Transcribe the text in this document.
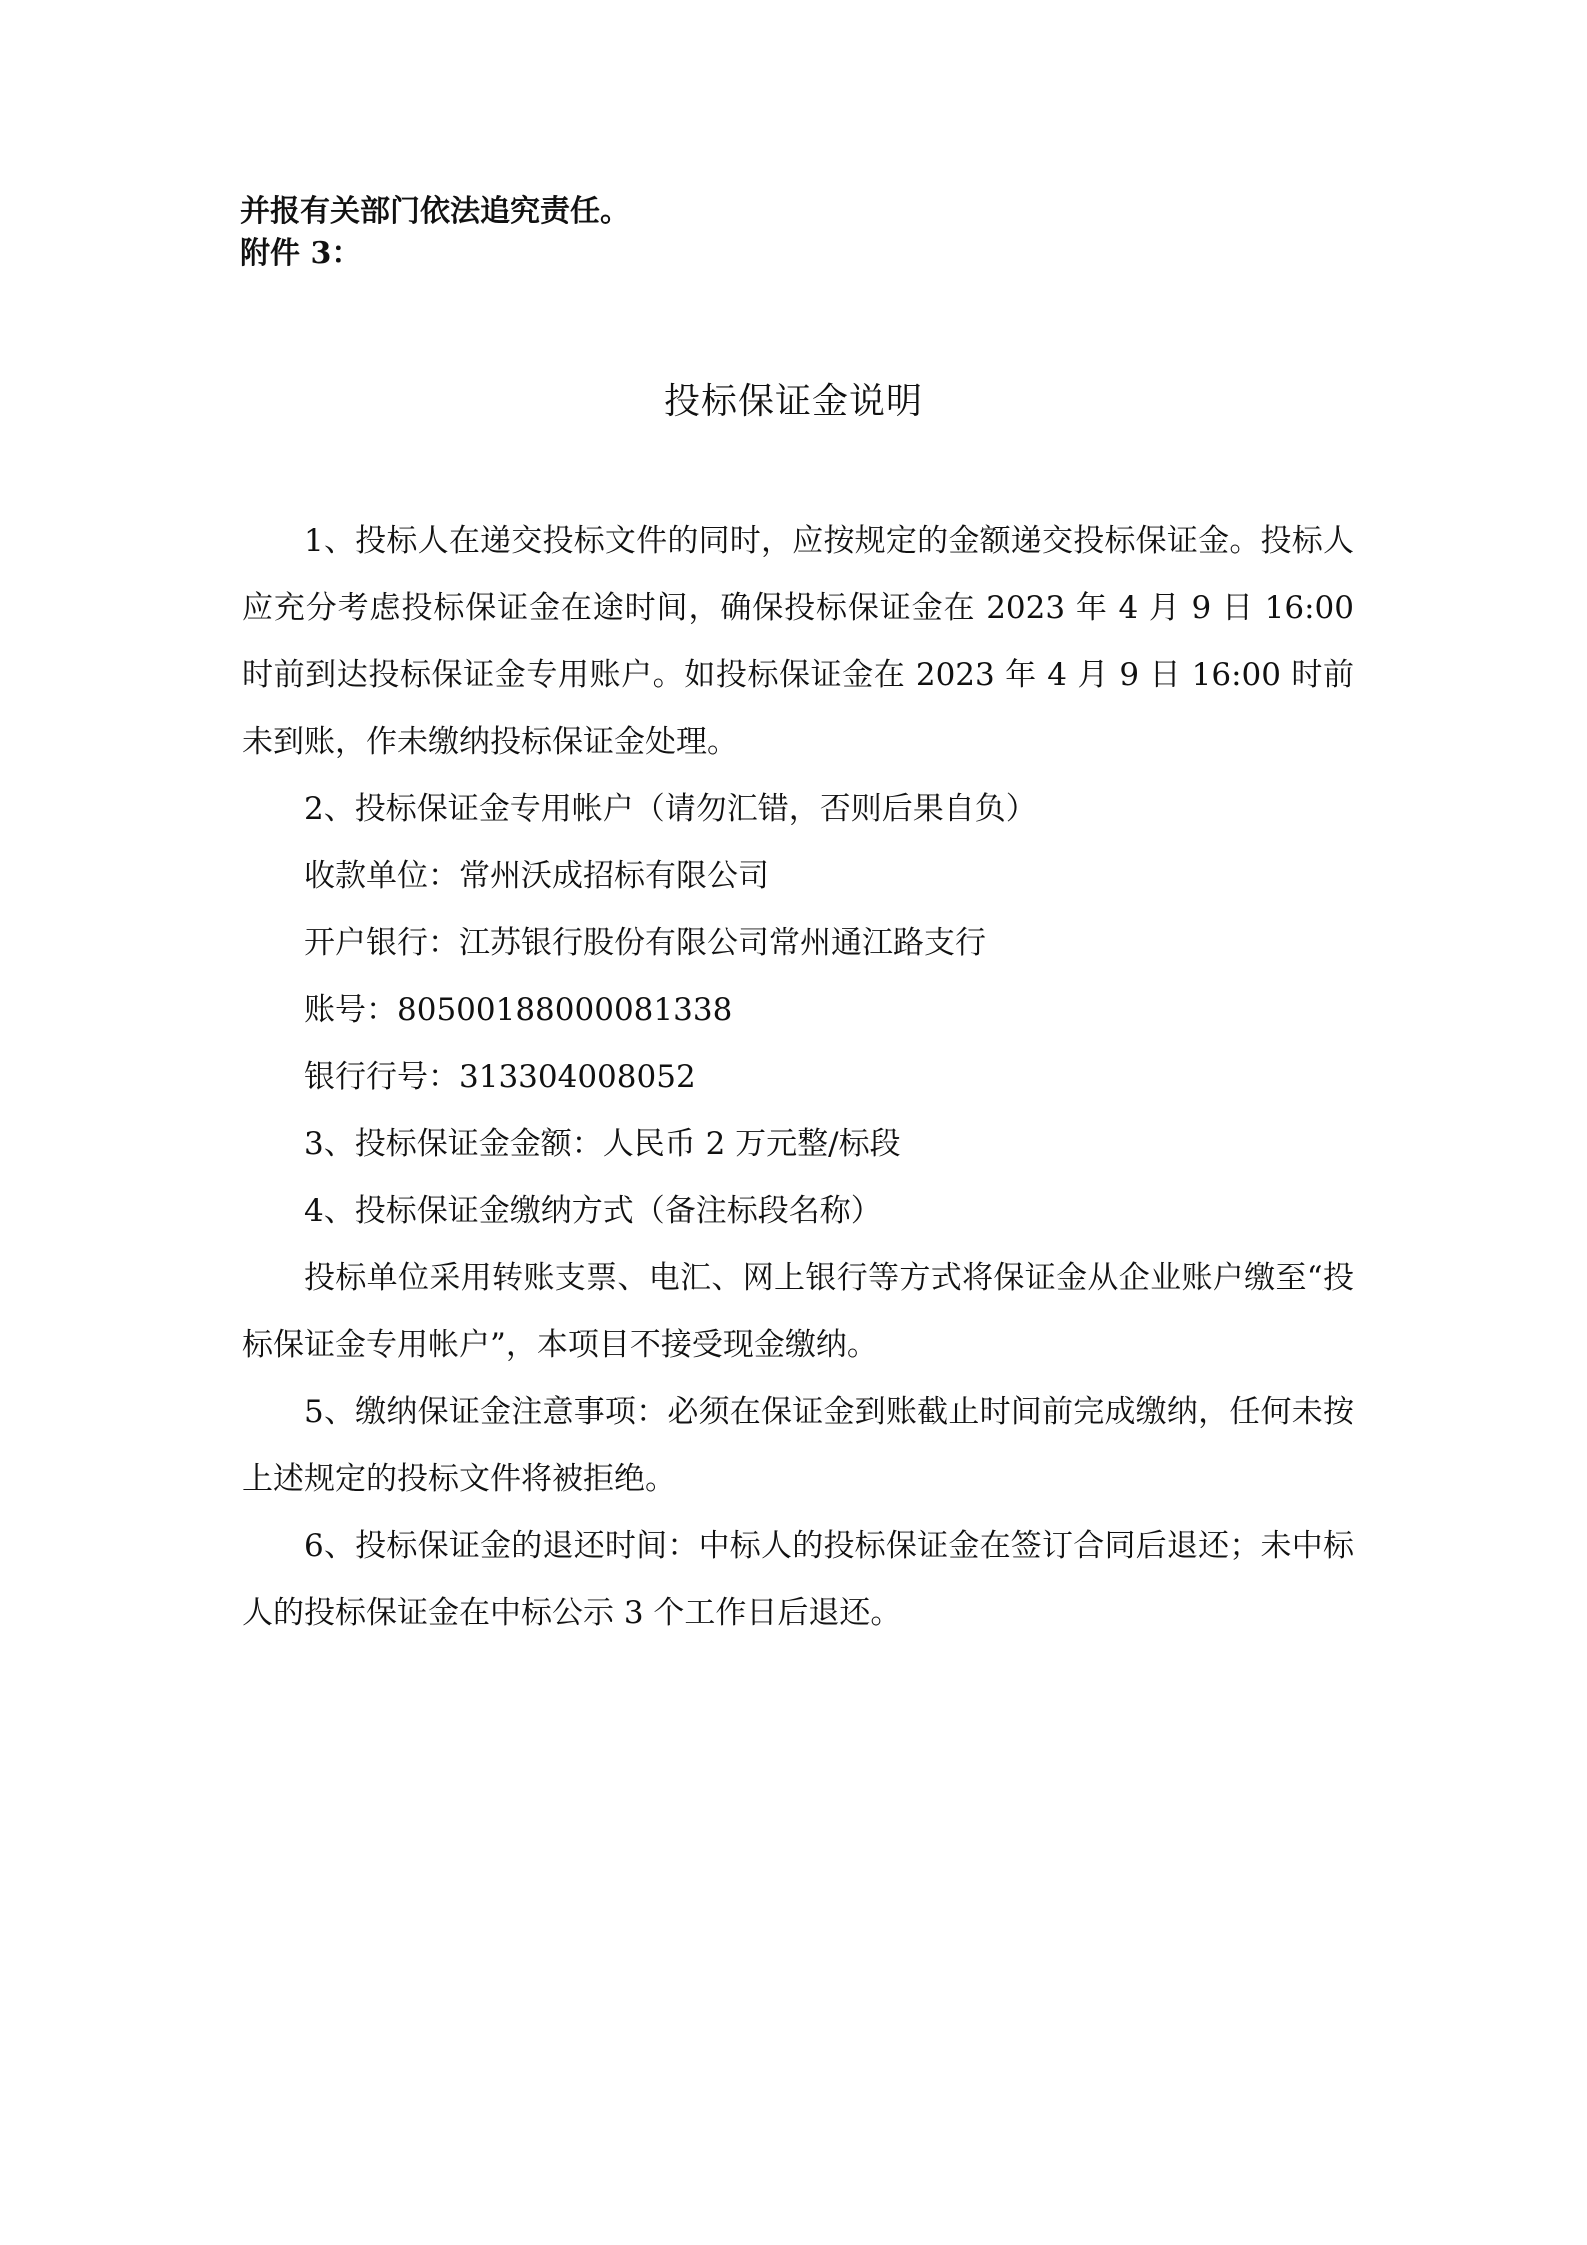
并报有关部门依法追究责任。
附件 3：
投标保证金说明

1、投标人在递交投标文件的同时，应按规定的金额递交投标保证金。投标人应充分考虑投标保证金在途时间，确保投标保证金在 2023 年 4 月 9 日 16:00 时前到达投标保证金专用账户。如投标保证金在 2023 年 4 月 9 日 16:00 时前未到账，作未缴纳投标保证金处理。

2、投标保证金专用帐户（请勿汇错，否则后果自负）

收款单位：常州沃成招标有限公司

开户银行：江苏银行股份有限公司常州通江路支行

账号：80500188000081338

银行行号：313304008052

3、投标保证金金额：人民币 2 万元整/标段

4、投标保证金缴纳方式（备注标段名称）

投标单位采用转账支票、电汇、网上银行等方式将保证金从企业账户缴至“投标保证金专用帐户”，本项目不接受现金缴纳。

5、缴纳保证金注意事项：必须在保证金到账截止时间前完成缴纳，任何未按上述规定的投标文件将被拒绝。

6、投标保证金的退还时间：中标人的投标保证金在签订合同后退还；未中标人的投标保证金在中标公示 3 个工作日后退还。
